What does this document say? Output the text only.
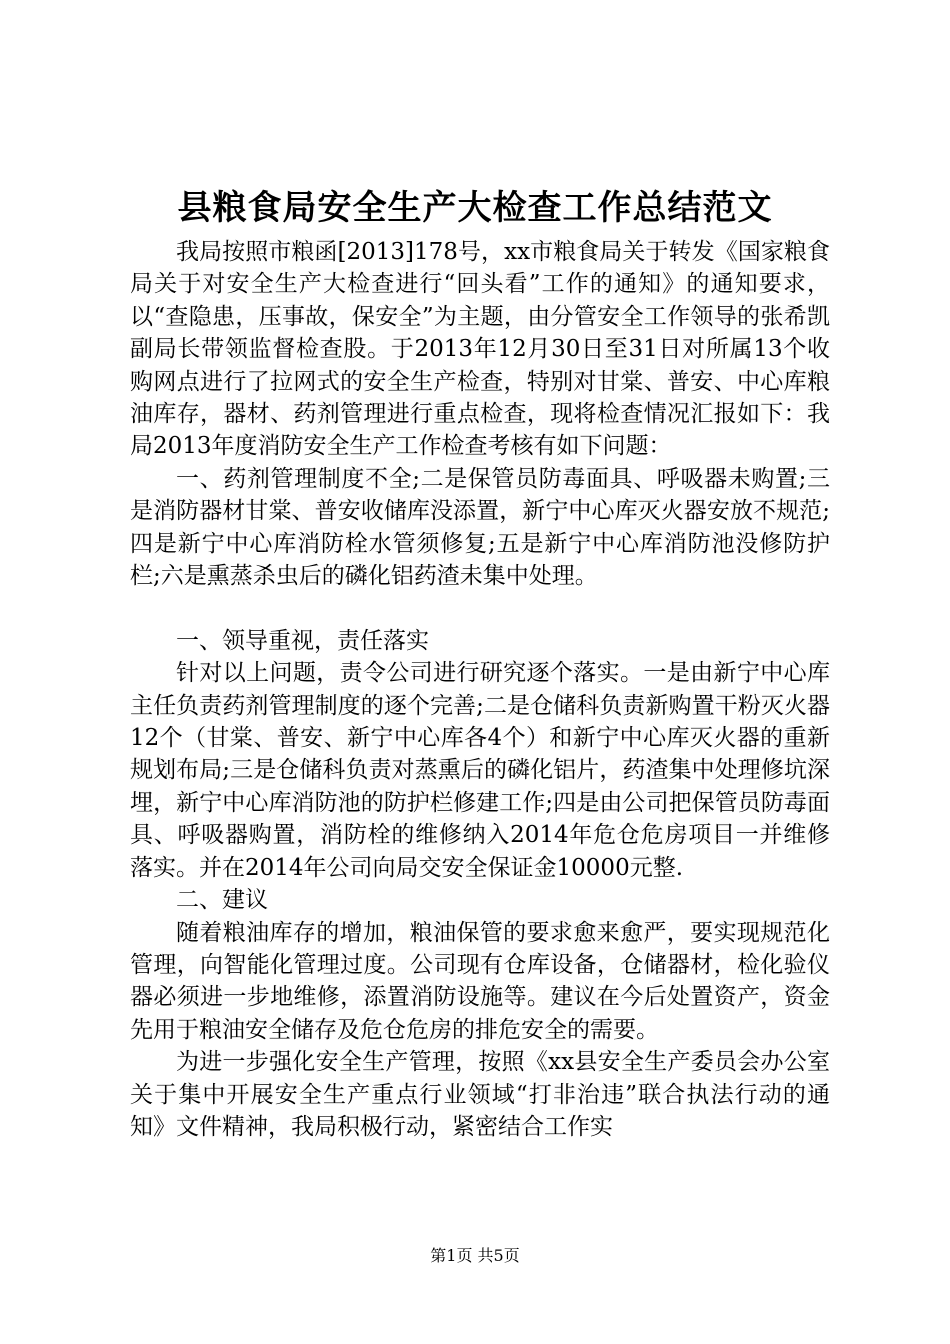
县粮食局安全生产大检查工作总结范文

我局按照市粮函[2013]178号，xx市粮食局关于转发《国家粮食局关于对安全生产大检查进行“回头看”工作的通知》的通知要求，以“查隐患，压事故，保安全”为主题，由分管安全工作领导的张希凯副局长带领监督检查股。于2013年12月30日至31日对所属13个收购网点进行了拉网式的安全生产检查，特别对甘棠、普安、中心库粮油库存，器材、药剂管理进行重点检查，现将检查情况汇报如下：我局2013年度消防安全生产工作检查考核有如下问题：

一、药剂管理制度不全;二是保管员防毒面具、呼吸器未购置;三是消防器材甘棠、普安收储库没添置，新宁中心库灭火器安放不规范;四是新宁中心库消防栓水管须修复;五是新宁中心库消防池没修防护栏;六是熏蒸杀虫后的磷化铝药渣未集中处理。

一、领导重视，责任落实

针对以上问题，责令公司进行研究逐个落实。一是由新宁中心库主任负责药剂管理制度的逐个完善;二是仓储科负责新购置干粉灭火器12个（甘棠、普安、新宁中心库各4个）和新宁中心库灭火器的重新规划布局;三是仓储科负责对蒸熏后的磷化铝片，药渣集中处理修坑深埋，新宁中心库消防池的防护栏修建工作;四是由公司把保管员防毒面具、呼吸器购置，消防栓的维修纳入2014年危仓危房项目一并维修落实。并在2014年公司向局交安全保证金10000元整.

二、建议

随着粮油库存的增加，粮油保管的要求愈来愈严，要实现规范化管理，向智能化管理过度。公司现有仓库设备，仓储器材，检化验仪器必须进一步地维修，添置消防设施等。建议在今后处置资产，资金先用于粮油安全储存及危仓危房的排危安全的需要。

为进一步强化安全生产管理，按照《xx县安全生产委员会办公室关于集中开展安全生产重点行业领域“打非治违”联合执法行动的通知》文件精神，我局积极行动，紧密结合工作实

第1页 共5页
